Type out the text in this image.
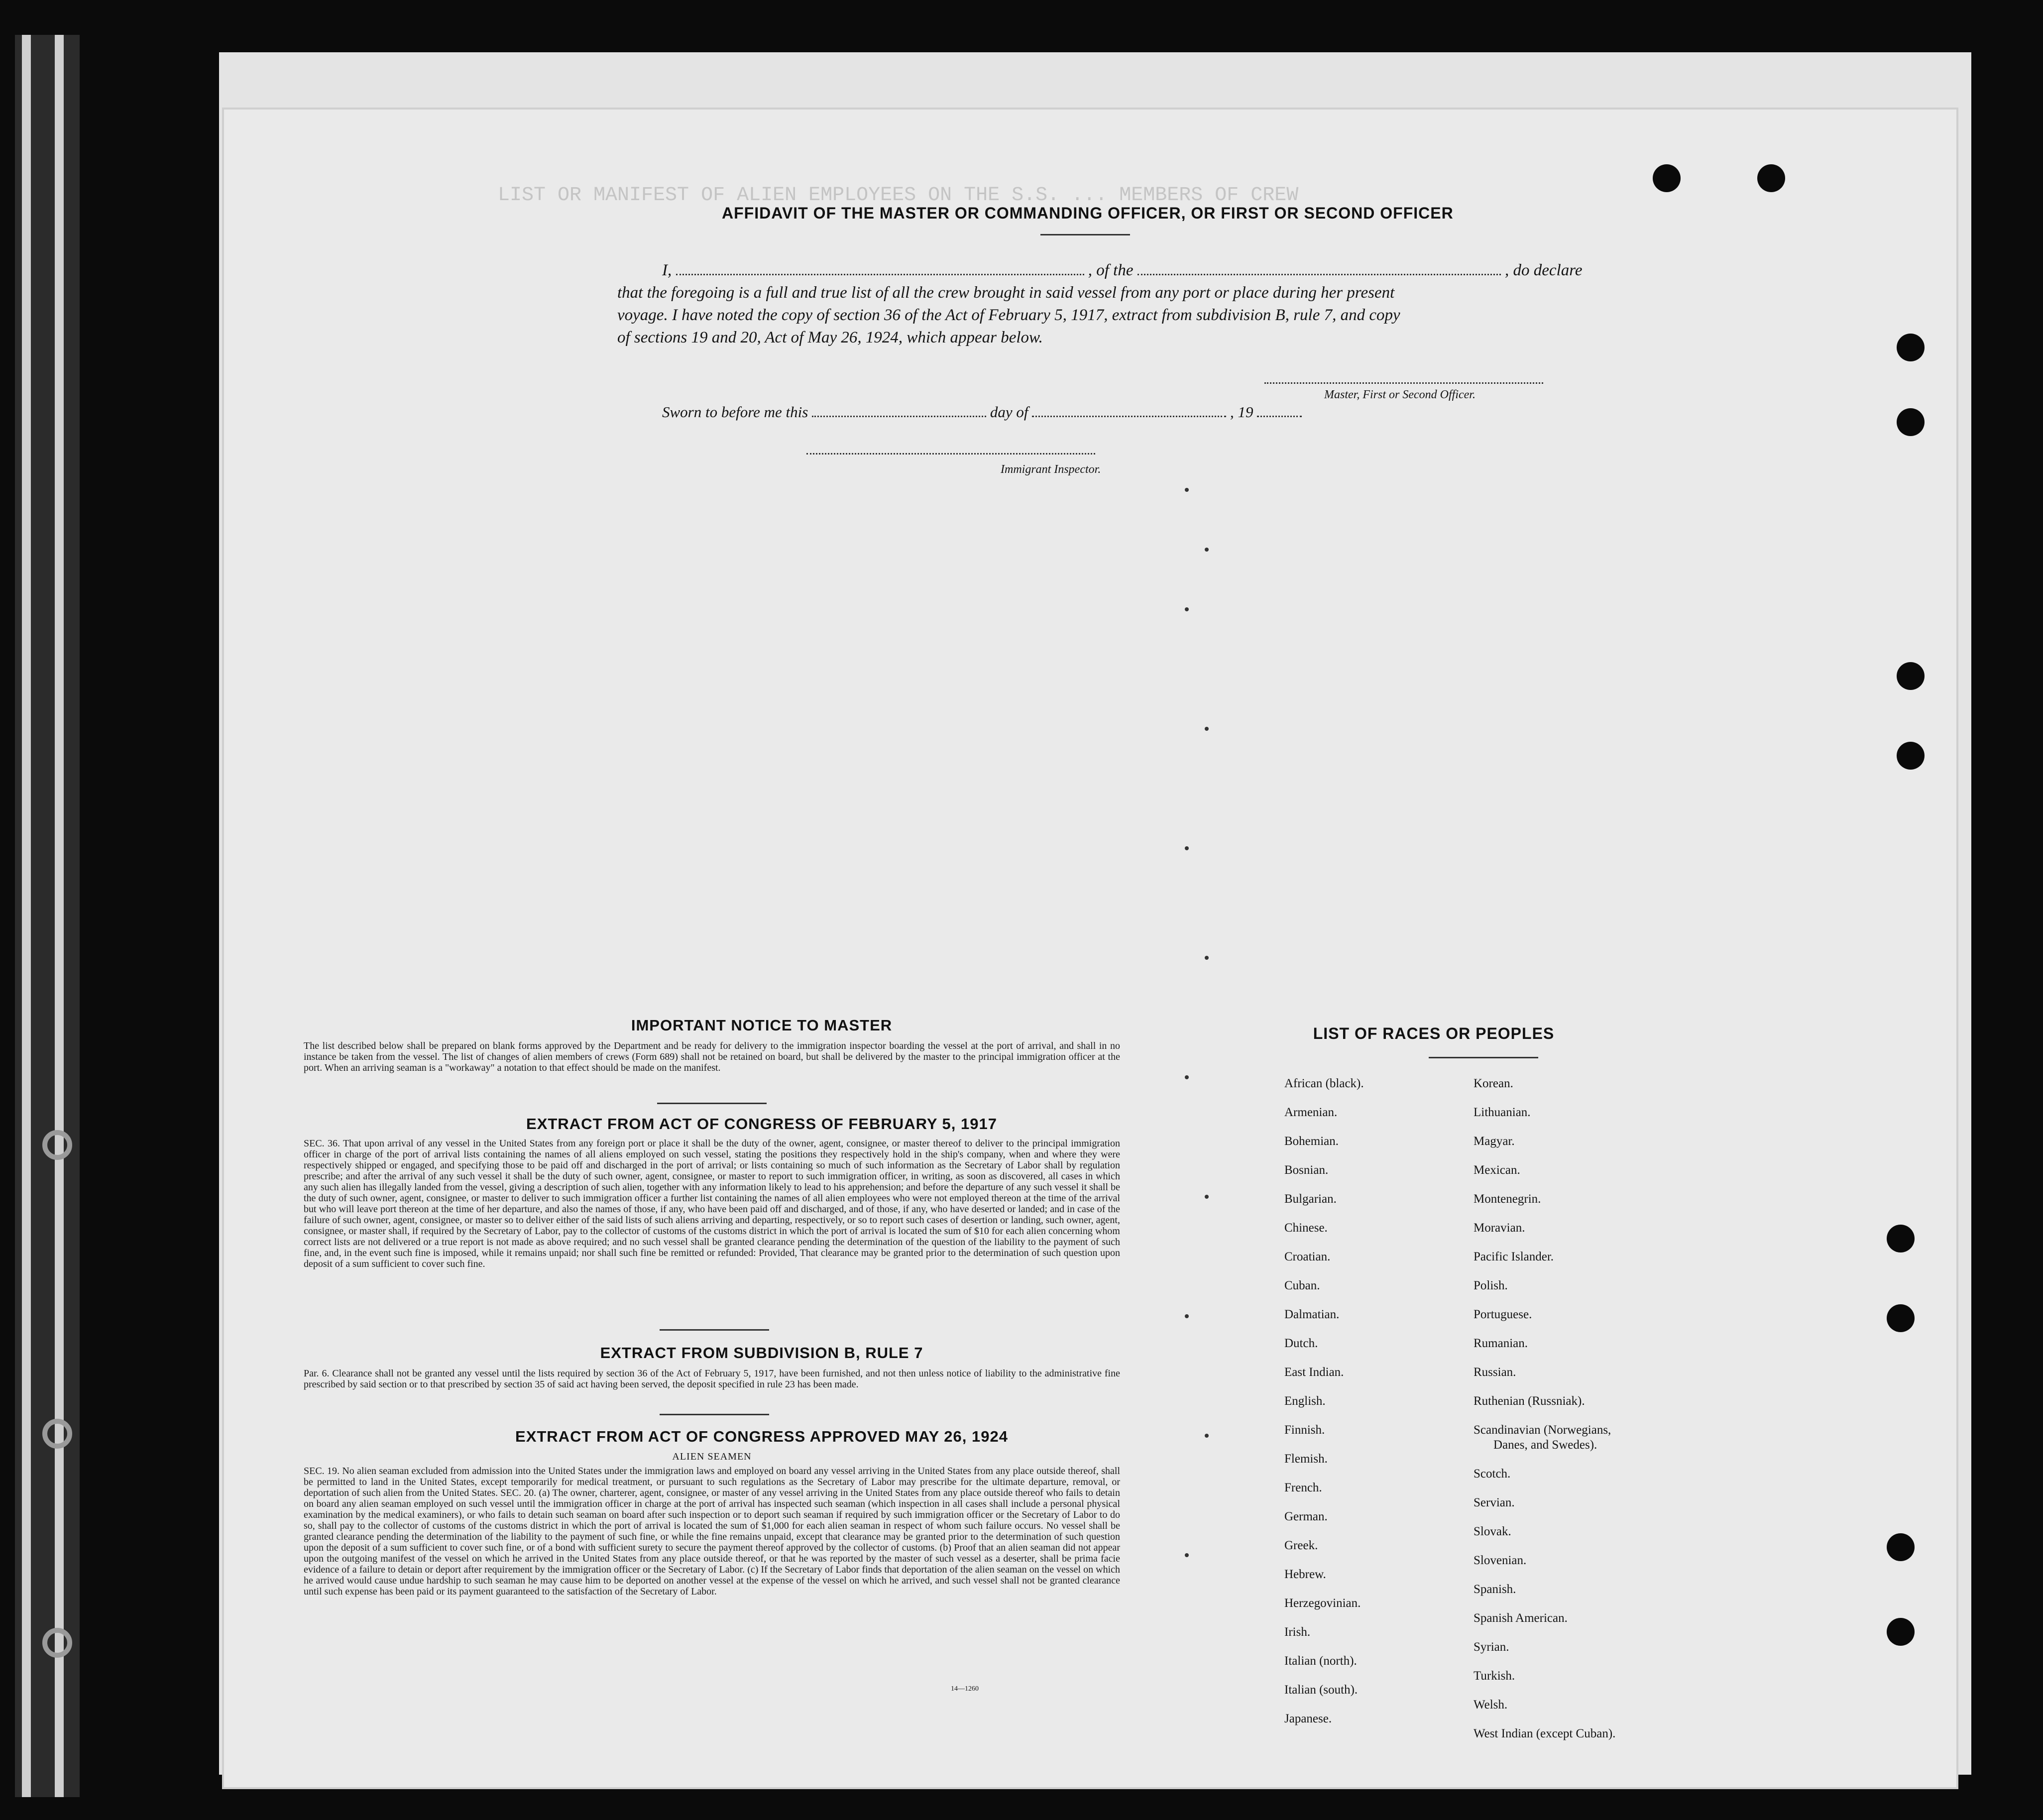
LIST OR MANIFEST OF ALIEN EMPLOYEES ON THE S.S. ... MEMBERS OF CREW
AFFIDAVIT OF THE MASTER OR COMMANDING OFFICER, OR FIRST OR SECOND OFFICER
I,	, of the	, do declare
that the foregoing is a full and true list of all the crew brought in said vessel from any port or place during her present
voyage. I have noted the copy of section 36 of the Act of February 5, 1917, extract from subdivision B, rule 7, and copy
of sections 19 and 20, Act of May 26, 1924, which appear below.
Master, First or Second Officer.
Sworn to before me this	day of	, 19
Immigrant Inspector.
IMPORTANT NOTICE TO MASTER
The list described below shall be prepared on blank forms approved by the Department and be ready for delivery to the immigration inspector boarding the vessel at the port of arrival, and shall in no instance be taken from the vessel. The list of changes of alien members of crews (Form 689) shall not be retained on board, but shall be delivered by the master to the principal immigration officer at the port. When an arriving seaman is a "workaway" a notation to that effect should be made on the manifest.
EXTRACT FROM ACT OF CONGRESS OF FEBRUARY 5, 1917
SEC. 36. That upon arrival of any vessel in the United States from any foreign port or place it shall be the duty of the owner, agent, consignee, or master thereof to deliver to the principal immigration officer in charge of the port of arrival lists containing the names of all aliens employed on such vessel, stating the positions they respectively hold in the ship's company, when and where they were respectively shipped or engaged, and specifying those to be paid off and discharged in the port of arrival; or lists containing so much of such information as the Secretary of Labor shall by regulation prescribe; and after the arrival of any such vessel it shall be the duty of such owner, agent, consignee, or master to report to such immigration officer, in writing, as soon as discovered, all cases in which any such alien has illegally landed from the vessel, giving a description of such alien, together with any information likely to lead to his apprehension; and before the departure of any such vessel it shall be the duty of such owner, agent, consignee, or master to deliver to such immigration officer a further list containing the names of all alien employees who were not employed thereon at the time of the arrival but who will leave port thereon at the time of her departure, and also the names of those, if any, who have been paid off and discharged, and of those, if any, who have deserted or landed; and in case of the failure of such owner, agent, consignee, or master so to deliver either of the said lists of such aliens arriving and departing, respectively, or so to report such cases of desertion or landing, such owner, agent, consignee, or master shall, if required by the Secretary of Labor, pay to the collector of customs of the customs district in which the port of arrival is located the sum of $10 for each alien concerning whom correct lists are not delivered or a true report is not made as above required; and no such vessel shall be granted clearance pending the determination of the question of the liability to the payment of such fine, and, in the event such fine is imposed, while it remains unpaid; nor shall such fine be remitted or refunded: Provided, That clearance may be granted prior to the determination of such question upon deposit of a sum sufficient to cover such fine.
EXTRACT FROM SUBDIVISION B, RULE 7
Par. 6. Clearance shall not be granted any vessel until the lists required by section 36 of the Act of February 5, 1917, have been furnished, and not then unless notice of liability to the administrative fine prescribed by said section or to that prescribed by section 35 of said act having been served, the deposit specified in rule 23 has been made.
EXTRACT FROM ACT OF CONGRESS APPROVED MAY 26, 1924
ALIEN SEAMEN
SEC. 19. No alien seaman excluded from admission into the United States under the immigration laws and employed on board any vessel arriving in the United States from any place outside thereof, shall be permitted to land in the United States, except temporarily for medical treatment, or pursuant to such regulations as the Secretary of Labor may prescribe for the ultimate departure, removal, or deportation of such alien from the United States. SEC. 20. (a) The owner, charterer, agent, consignee, or master of any vessel arriving in the United States from any place outside thereof who fails to detain on board any alien seaman employed on such vessel until the immigration officer in charge at the port of arrival has inspected such seaman (which inspection in all cases shall include a personal physical examination by the medical examiners), or who fails to detain such seaman on board after such inspection or to deport such seaman if required by such immigration officer or the Secretary of Labor to do so, shall pay to the collector of customs of the customs district in which the port of arrival is located the sum of $1,000 for each alien seaman in respect of whom such failure occurs. No vessel shall be granted clearance pending the determination of the liability to the payment of such fine, or while the fine remains unpaid, except that clearance may be granted prior to the determination of such question upon the deposit of a sum sufficient to cover such fine, or of a bond with sufficient surety to secure the payment thereof approved by the collector of customs. (b) Proof that an alien seaman did not appear upon the outgoing manifest of the vessel on which he arrived in the United States from any place outside thereof, or that he was reported by the master of such vessel as a deserter, shall be prima facie evidence of a failure to detain or deport after requirement by the immigration officer or the Secretary of Labor. (c) If the Secretary of Labor finds that deportation of the alien seaman on the vessel on which he arrived would cause undue hardship to such seaman he may cause him to be deported on another vessel at the expense of the vessel on which he arrived, and such vessel shall not be granted clearance until such expense has been paid or its payment guaranteed to the satisfaction of the Secretary of Labor.
14—1260
LIST OF RACES OR PEOPLES
African (black).
Armenian.
Bohemian.
Bosnian.
Bulgarian.
Chinese.
Croatian.
Cuban.
Dalmatian.
Dutch.
East Indian.
English.
Finnish.
Flemish.
French.
German.
Greek.
Hebrew.
Herzegovinian.
Irish.
Italian (north).
Italian (south).
Japanese.
Korean.
Lithuanian.
Magyar.
Mexican.
Montenegrin.
Moravian.
Pacific Islander.
Polish.
Portuguese.
Rumanian.
Russian.
Ruthenian (Russniak).
Scandinavian (Norwegians,
Danes, and Swedes).
Scotch.
Servian.
Slovak.
Slovenian.
Spanish.
Spanish American.
Syrian.
Turkish.
Welsh.
West Indian (except Cuban).
